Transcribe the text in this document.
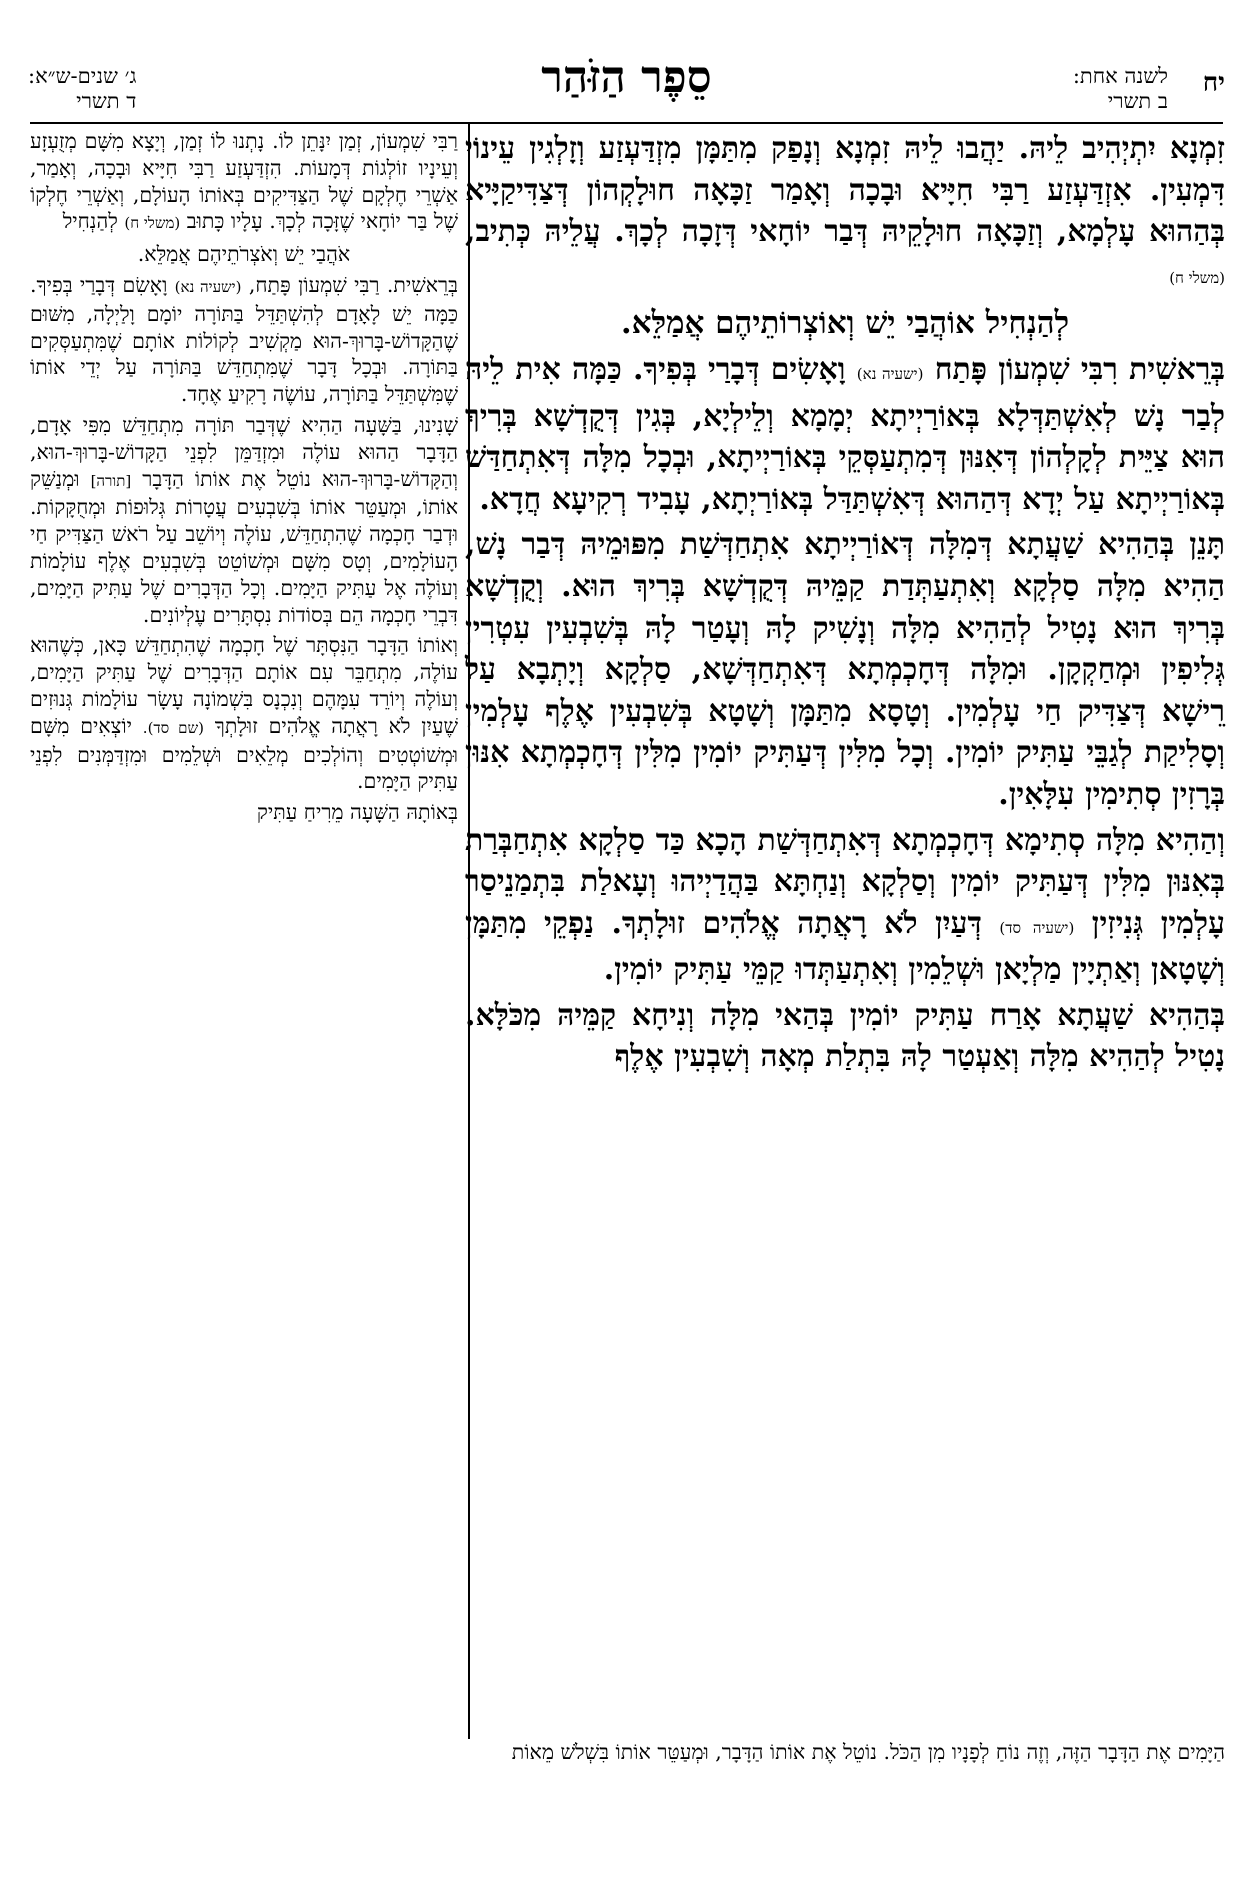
יח
לשנה אחת:
ב תשרי
סֵפֶר הַזֹּהַר
ג׳ שנים-ש״א:
ד תשרי

זִמְנָא יִתְיְהִיב לֵיהּ. יַהֲבוּ לֵיהּ זִמְנָא וְנָפַק מִתַּמָּן מִזְדַּעְזַע וְזָלְגִין עֵינוֹי דִּמְעִין. אִזְדַּעְזַע רַבִּי חִיָּיא וּבָכָה וְאָמַר זַכָּאָה חוּלָקְהוֹן דְּצַדִּיקַיָּיא בְּהַהוּא עָלְמָא, וְזַכָּאָה חוּלָקֵיהּ דְּבַר יוֹחָאי דְּזָכָה לְכָךְ. עֲלֵיהּ כְּתִיב, (משלי ח)

לְהַנְחִיל אוֹהֲבַי יֵשׁ וְאוֹצְרוֹתֵיהֶם אֲמַלֵּא.

בְּרֵאשִׁית רִבִּי שִׁמְעוֹן פָּתַח (ישעיה נא) וָאָשִׂים דְּבָרַי בְּפִיךָ. כַּמָּה אִית לֵיהּ לְבַר נָשׁ לְאִשְׁתַּדְּלָא בְּאוֹרַיְיתָא יְמָמָא וְלֵילְיָא, בְּגִין דְּקֻדְשָׁא בְּרִיךְ הוּא צַיֵּית לְקָלְהוֹן דְּאִנּוּן דְּמִתְעַסְּקֵי בְּאוֹרַיְיתָא, וּבְכָל מִלָּה דְּאִתְחַדַּשׁ בְּאוֹרַיְיתָא עַל יְדָא דְּהַהוּא דְּאִשְׁתַּדַּל בְּאוֹרַיְתָא, עָבִיד רְקִיעָא חֲדָא.

תָּנֵן בְּהַהִיא שַׁעֲתָא דְּמִלָּה דְּאוֹרַיְיתָא אִתְחַדְּשַׁת מִפּוּמֵיהּ דְּבַר נָשׁ, הַהִיא מִלָּה סַלְקָא וְאִתְעַתְּדַת קַמֵּיהּ דְּקֻדְשָׁא בְּרִיךְ הוּא. וְקֻדְשָׁא בְּרִיךְ הוּא נָטִיל לְהַהִיא מִלָּה וְנָשִׁיק לָהּ וְעָטַר לָהּ בְּשִׁבְעִין עִטְרִין גְּלִיפִין וּמְחַקְקָן. וּמִלָּה דְּחָכְמְתָא דְּאִתְחַדְּשָׁא, סַלְקָא וְיָתְבָא עַל רֵישָׁא דְּצַדִּיק חַי עָלְמִין. וְטָסָא מִתַּמָּן וְשָׁטָא בְּשִׁבְעִין אֶלֶף עָלְמִין וְסָלִיקַת לְגַבֵּי עַתִּיק יוֹמִין. וְכָל מִלִּין דְּעַתִּיק יוֹמִין מִלִּין דְּחָכְמְתָא אִנּוּן בְּרָזִין סְתִימִין עִלָּאִין.

וְהַהִיא מִלָּה סְתִימָא דְּחָכְמְתָא דְּאִתְחַדְּשַׁת הָכָא כַּד סַלְקָא אִתְחַבְּרַת בְּאִנּוּן מִלִּין דְּעַתִּיק יוֹמִין וְסַלְקָא וְנַחְתָּא בַּהֲדַיְיהוּ וְעָאלַת בִּתְמַנֵיסַר עָלְמִין גְּנִיזִין (ישעיה סד) דְּעַיִן לֹא רָאֲתָה אֱלֹהִים זוּלָתְךָ. נַפְקֵי מִתַּמָּן וְשָׁטָאן וְאַתְיָין מַלְיָאן וּשְׁלֵמִין וְאִתְעַתְּדוּ קַמֵּי עַתִּיק יוֹמִין.

בְּהַהִיא שַׁעֲתָא אָרַח עַתִּיק יוֹמִין בְּהַאי מִלָּה וְנִיחָא קַמֵּיהּ מִכֹּלָּא. נָטִיל לְהַהִיא מִלָּה וְאַעְטַר לָהּ בִּתְלַת מְאָה וְשִׁבְעִין אֶלֶף

רַבִּי שִׁמְעוֹן, זְמַן יִנָּתֵן לוֹ. נָתְנוּ לוֹ זְמַן, וְיָצָא מִשָּׁם מְזֻעְזָע וְעֵינָיו זוֹלְגוֹת דְּמָעוֹת. הִזְדַּעְזַע רַבִּי חִיָּיא וּבָכָה, וְאָמַר, אַשְׁרֵי חֶלְקָם שֶׁל הַצַּדִּיקִים בְּאוֹתוֹ הָעוֹלָם, וְאַשְׁרֵי חֶלְקוֹ שֶׁל בַּר יוֹחָאי שֶׁזָּכָה לְכָךְ. עָלָיו כָּתוּב (משלי ח) לְהַנְחִיל

אֹהֲבַי יֵשׁ וְאֹצְרֹתֵיהֶם אֲמַלֵּא.

בְּרֵאשִׁית. רַבִּי שִׁמְעוֹן פָּתַח, (ישעיה נא) וָאָשִׂם דְּבָרַי בְּפִיךָ. כַּמָּה יֵשׁ לָאָדָם לְהִשְׁתַּדֵּל בַּתּוֹרָה יוֹמָם וָלַיְלָה, מִשּׁוּם שֶׁהַקָּדוֹשׁ-בָּרוּךְ-הוּא מַקְשִׁיב לְקוֹלוֹת אוֹתָם שֶׁמִּתְעַסְּקִים בַּתּוֹרָה. וּבְכָל דָּבָר שֶׁמִּתְחַדֵּשׁ בַּתּוֹרָה עַל יְדֵי אוֹתוֹ שֶׁמִּשְׁתַּדֵּל בַּתּוֹרָה, עוֹשֶׂה רָקִיעַ אֶחָד.

שָׁנִינוּ, בַּשָּׁעָה הַהִיא שֶׁדְּבַר תּוֹרָה מִתְחַדֵּשׁ מִפִּי אָדָם, הַדָּבָר הַהוּא עוֹלֶה וּמִזְדַּמֵּן לִפְנֵי הַקָּדוֹשׁ-בָּרוּךְ-הוּא, וְהַקָּדוֹשׁ-בָּרוּךְ-הוּא נוֹטֵל אֶת אוֹתוֹ הַדָּבָר [תורה] וּמְנַשֵּׁק אוֹתוֹ, וּמְעַטֵּר אוֹתוֹ בְּשִׁבְעִים עֲטָרוֹת גְּלוּפוֹת וּמְחֻקָּקוֹת. וּדְבַר חָכְמָה שֶׁהִתְחַדֵּשׁ, עוֹלֶה וְיוֹשֵׁב עַל רֹאשׁ הַצַּדִּיק חַי הָעוֹלָמִים, וְטָס מִשָּׁם וּמְשׁוֹטֵט בְּשִׁבְעִים אֶלֶף עוֹלָמוֹת וְעוֹלֶה אֶל עַתִּיק הַיָּמִים. וְכָל הַדְּבָרִים שֶׁל עַתִּיק הַיָּמִים, דִּבְרֵי חָכְמָה הֵם בְּסוֹדוֹת נִסְתָּרִים עֶלְיוֹנִים.

וְאוֹתוֹ הַדָּבָר הַנִּסְתָּר שֶׁל חָכְמָה שֶׁהִתְחַדֵּשׁ כָּאן, כְּשֶׁהוּא עוֹלֶה, מִתְחַבֵּר עִם אוֹתָם הַדְּבָרִים שֶׁל עַתִּיק הַיָּמִים, וְעוֹלֶה וְיוֹרֵד עִמָּהֶם וְנִכְנָס בִּשְׁמוֹנָה עָשָׂר עוֹלָמוֹת גְּנוּזִים שֶׁעַיִן לֹא רָאֲתָה אֱלֹהִים זוּלָתְךָ (שם סד). יוֹצְאִים מִשָּׁם וּמְשׁוֹטְטִים וְהוֹלְכִים מְלֵאִים וּשְׁלֵמִים וּמִזְדַּמְּנִים לִפְנֵי עַתִּיק הַיָּמִים.

בְּאוֹתָהּ הַשָּׁעָה מֵרִיחַ עַתִּיק

הַיָּמִים אֶת הַדָּבָר הַזֶּה, וְזֶה נוֹחַ לְפָנָיו מִן הַכֹּל. נוֹטֵל אֶת אוֹתוֹ הַדָּבָר, וּמְעַטֵּר אוֹתוֹ בִּשְׁלֹשׁ מֵאוֹת
